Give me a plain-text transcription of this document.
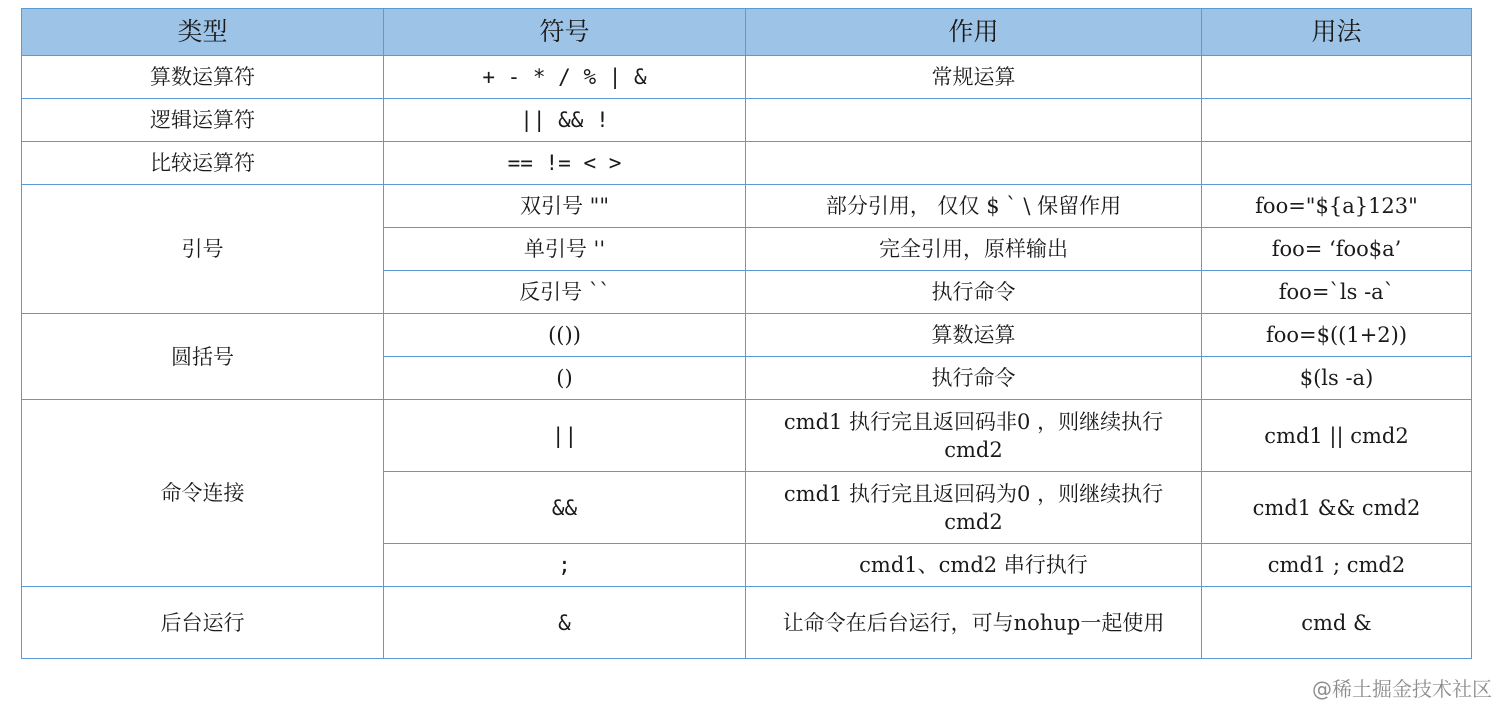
类型	符号	作用	用法
算数运算符	+ - * / % | &	常规运算	
逻辑运算符	|| && !		
比较运算符	== != < >		
引号	双引号 ""	部分引用， 仅仅 $ ` \ 保留作用	foo="${a}123"
	单引号 ''	完全引用，原样输出	foo= ‘foo$a’
	反引号 ``	执行命令	foo=`ls -a`
圆括号	(())	算数运算	foo=$((1+2))
	()	执行命令	$(ls -a)
命令连接	||	cmd1 执行完且返回码非0 ，则继续执行 cmd2	cmd1 || cmd2
	&&	cmd1 执行完且返回码为0 ，则继续执行 cmd2	cmd1 && cmd2
	;	cmd1、cmd2 串行执行	cmd1 ; cmd2
后台运行	&	让命令在后台运行，可与nohup一起使用	cmd &
@稀土掘金技术社区
